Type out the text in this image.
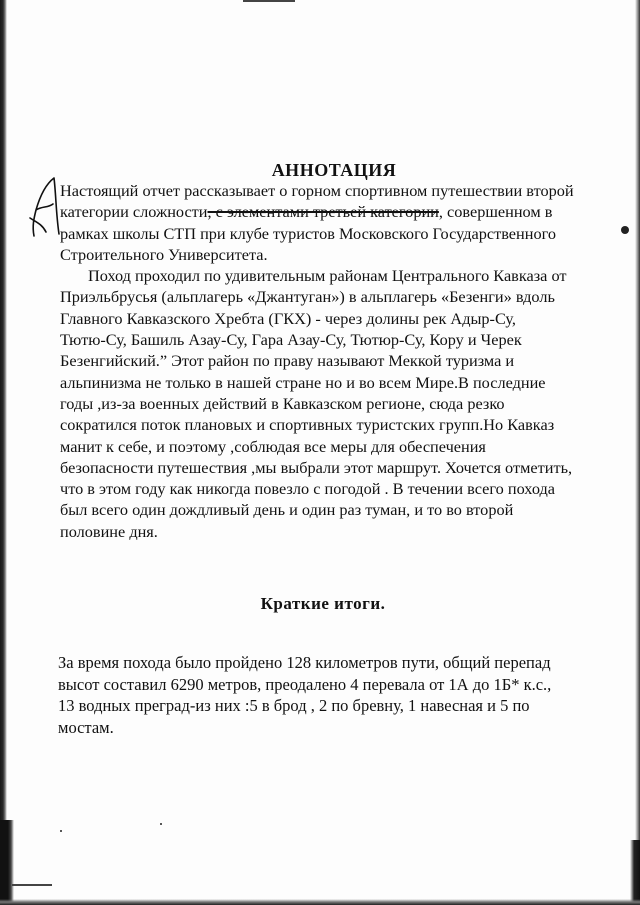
АННОТАЦИЯ
Настоящий отчет рассказывает о горном спортивном путешествии второй
категории сложности, с элементами третьей категории, совершенном в
рамках школы СТП при клубе туристов Московского Государственного
Строительного Университета.
Поход проходил по удивительным районам Центрального Кавказа от
Приэльбрусья (альплагерь «Джантуган») в альплагерь «Безенги» вдоль
Главного Кавказского Хребта (ГКХ) - через долины рек Адыр-Су,
Тютю-Су, Башиль Азау-Су, Гара Азау-Су, Тютюр-Су, Кору и Черек
Безенгийский.” Этот район по праву называют Меккой туризма и
альпинизма не только в нашей стране но и во всем Мире.В последние
годы ,из-за военных действий в Кавказском регионе, сюда резко
сократился поток плановых и спортивных туристских групп.Но Кавказ
манит к себе, и поэтому ,соблюдая все меры для обеспечения
безопасности путешествия ,мы выбрали этот маршрут. Хочется отметить,
что в этом году как никогда повезло с погодой . В течении всего похода
был всего один дождливый день и один раз туман, и то во второй
половине дня.
Краткие итоги.
За время похода было пройдено 128 километров пути, общий перепад
высот составил 6290 метров, преодалено 4 перевала от 1А до 1Б* к.с.,
13 водных преград-из них :5 в брод , 2 по бревну, 1 навесная и 5 по
мостам.
